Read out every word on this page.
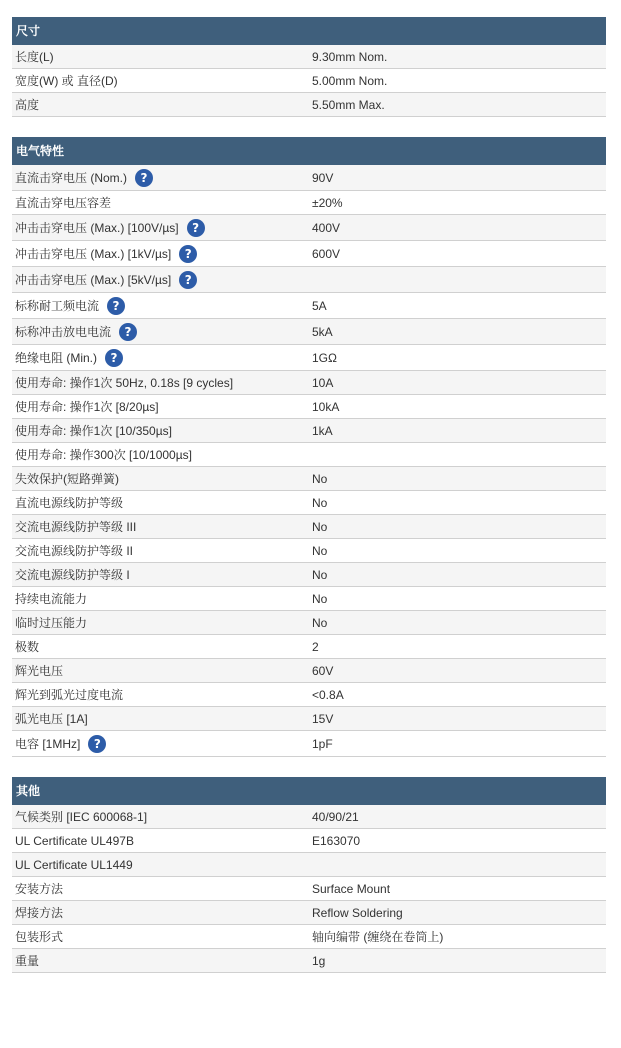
尺寸
长度(L)	9.30mm Nom.
宽度(W) 或 直径(D)	5.00mm Nom.
高度	5.50mm Max.
电气特性
直流击穿电压 (Nom.)	?	90V
直流击穿电压容差	±20%
冲击击穿电压 (Max.) [100V/µs]	?	400V
冲击击穿电压 (Max.) [1kV/µs]	?	600V
冲击击穿电压 (Max.) [5kV/µs]	?
标称耐工频电流	?	5A
标称冲击放电电流	?	5kA
绝缘电阻 (Min.)	?	1GΩ
使用寿命: 操作1次 50Hz, 0.18s [9 cycles]	10A
使用寿命: 操作1次 [8/20µs]	10kA
使用寿命: 操作1次 [10/350µs]	1kA
使用寿命: 操作300次 [10/1000µs]
失效保护(短路弹簧)	No
直流电源线防护等级	No
交流电源线防护等级 III	No
交流电源线防护等级 II	No
交流电源线防护等级 I	No
持续电流能力	No
临时过压能力	No
极数	2
辉光电压	60V
辉光到弧光过度电流	<0.8A
弧光电压 [1A]	15V
电容 [1MHz]	?	1pF
其他
气候类别 [IEC 600068-1]	40/90/21
UL Certificate UL497B	E163070
UL Certificate UL1449
安装方法	Surface Mount
焊接方法	Reflow Soldering
包装形式	轴向编带 (缠绕在卷筒上)
重量	1g
